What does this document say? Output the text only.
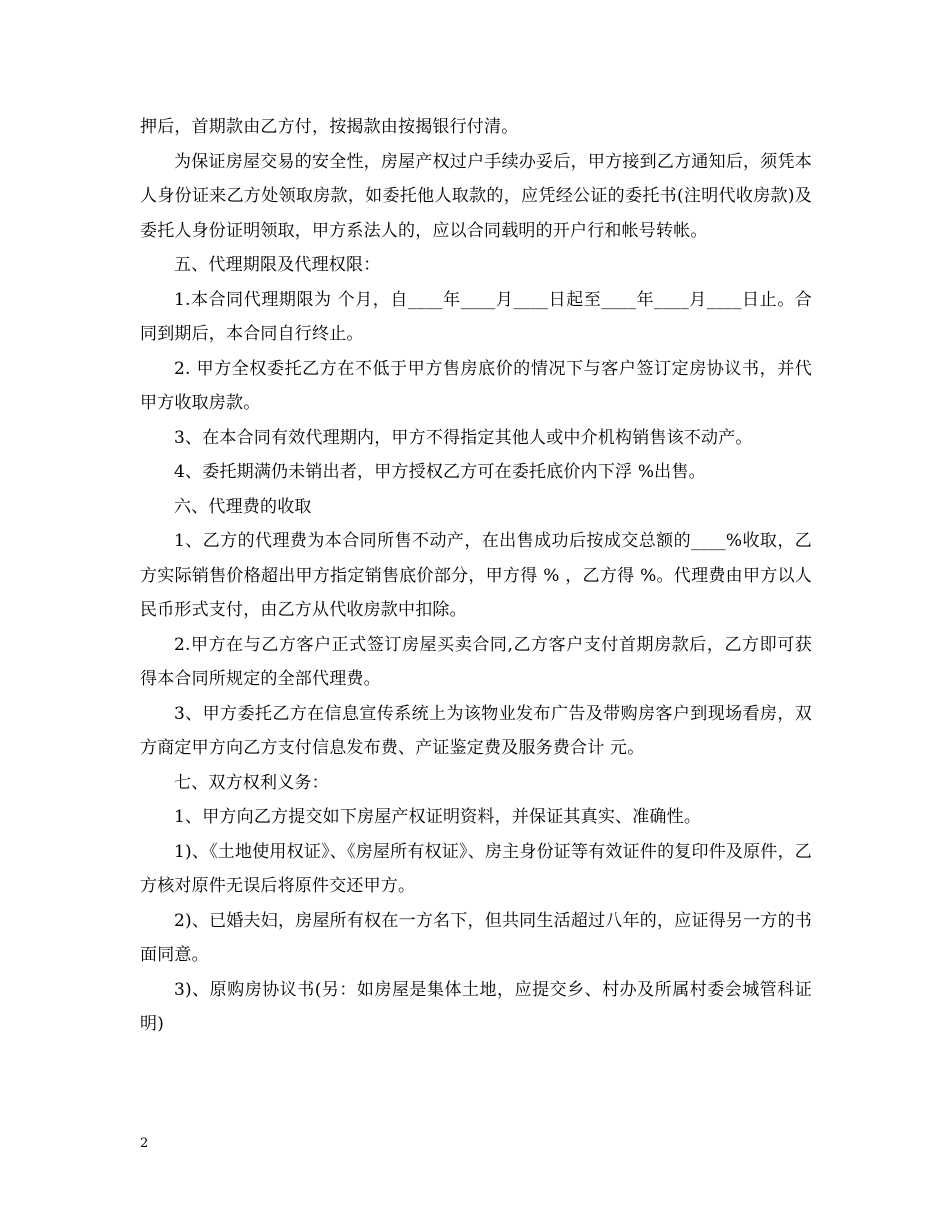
押后，首期款由乙方付，按揭款由按揭银行付清。

为保证房屋交易的安全性，房屋产权过户手续办妥后，甲方接到乙方通知后，须凭本人身份证来乙方处领取房款，如委托他人取款的，应凭经公证的委托书(注明代收房款)及委托人身份证明领取，甲方系法人的，应以合同载明的开户行和帐号转帐。

五、代理期限及代理权限：

1.本合同代理期限为 个月，自____年____月____日起至____年____月____日止。合同到期后，本合同自行终止。

2. 甲方全权委托乙方在不低于甲方售房底价的情况下与客户签订定房协议书，并代甲方收取房款。

3、在本合同有效代理期内，甲方不得指定其他人或中介机构销售该不动产。

4、委托期满仍未销出者，甲方授权乙方可在委托底价内下浮 %出售。

六、代理费的收取

1、乙方的代理费为本合同所售不动产，在出售成功后按成交总额的____%收取，乙方实际销售价格超出甲方指定销售底价部分，甲方得 % ，乙方得 %。代理费由甲方以人民币形式支付，由乙方从代收房款中扣除。

2.甲方在与乙方客户正式签订房屋买卖合同,乙方客户支付首期房款后，乙方即可获得本合同所规定的全部代理费。

3、甲方委托乙方在信息宣传系统上为该物业发布广告及带购房客户到现场看房，双方商定甲方向乙方支付信息发布费、产证鉴定费及服务费合计 元。

七、双方权利义务：

1、甲方向乙方提交如下房屋产权证明资料，并保证其真实、准确性。

1)、《土地使用权证》、《房屋所有权证》、房主身份证等有效证件的复印件及原件，乙方核对原件无误后将原件交还甲方。

2)、已婚夫妇，房屋所有权在一方名下，但共同生活超过八年的，应证得另一方的书面同意。

3)、原购房协议书(另：如房屋是集体土地，应提交乡、村办及所属村委会城管科证明)

2
